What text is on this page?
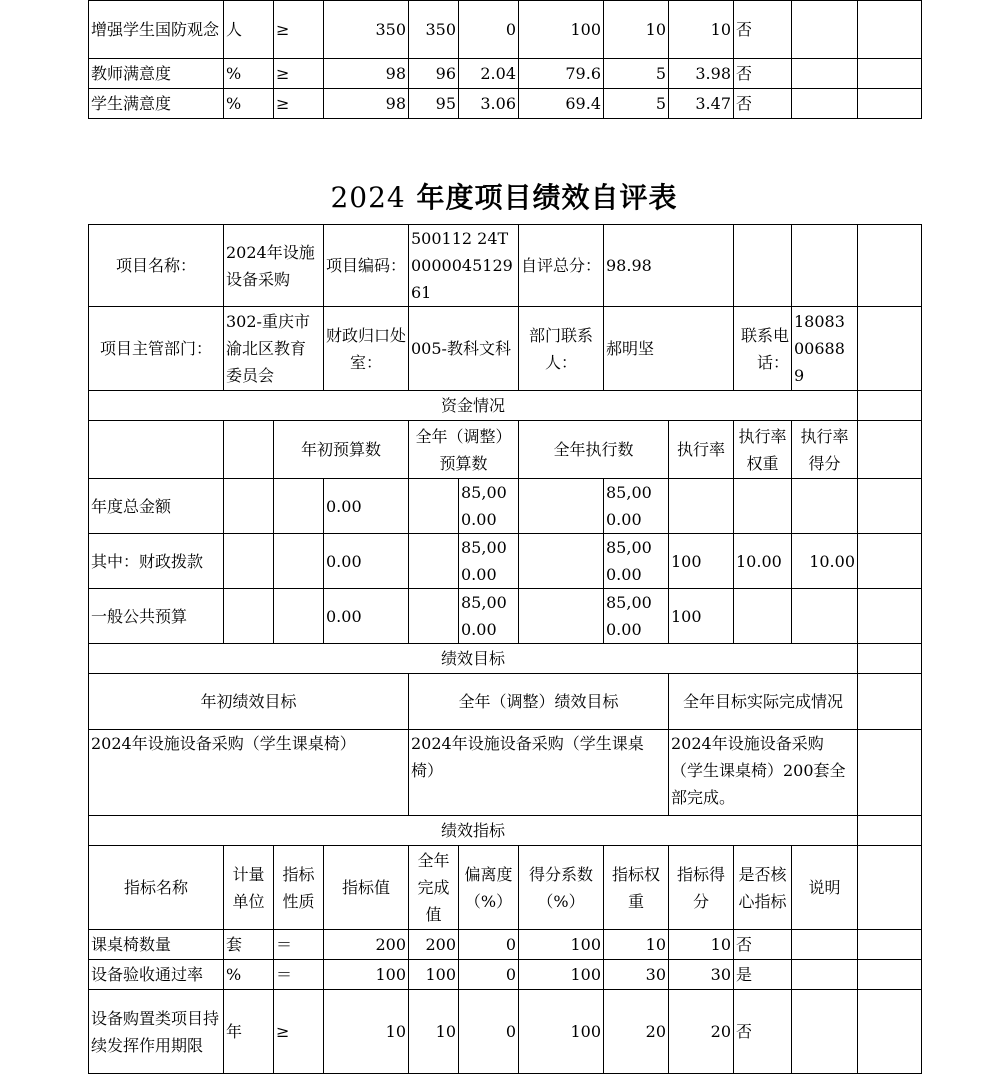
增强学生国防观念	人	≥	350	350	0	100	10	10	否		
教师满意度	%	≥	98	96	2.04	79.6	5	3.98	否		
学生满意度	%	≥	98	95	3.06	69.4	5	3.47	否		
2024 年度项目绩效自评表
项目名称：	2024年设施设备采购		项目编码：	500112 24T000004512961		自评总分：	98.98				
项目主管部门：	302-重庆市渝北区教育委员会		财政归口处室：	005-教科文科		部门联系人：	郝明坚		联系电话：	18083006889	
资金情况											
		年初预算数		全年（调整）预算数		全年执行数		执行率	执行率权重	执行率得分	
年度总金额			0.00		85,000.00		85,000.00				
其中：财政拨款			0.00		85,000.00		85,000.00	100	10.00	10.00	
一般公共预算			0.00		85,000.00		85,000.00	100			
绩效目标											
年初绩效目标				全年（调整）绩效目标				全年目标实际完成情况			
2024年设施设备采购（学生课桌椅）				2024年设施设备采购（学生课桌椅）				2024年设施设备采购（学生课桌椅）200套全部完成。			
绩效指标											
指标名称	计量单位	指标性质	指标值	全年完成值	偏离度（%）	得分系数（%）	指标权重	指标得分	是否核心指标	说明	
课桌椅数量	套	＝	200	200	0	100	10	10	否		
设备验收通过率	%	＝	100	100	0	100	30	30	是		
设备购置类项目持续发挥作用期限	年	≥	10	10	0	100	20	20	否		
